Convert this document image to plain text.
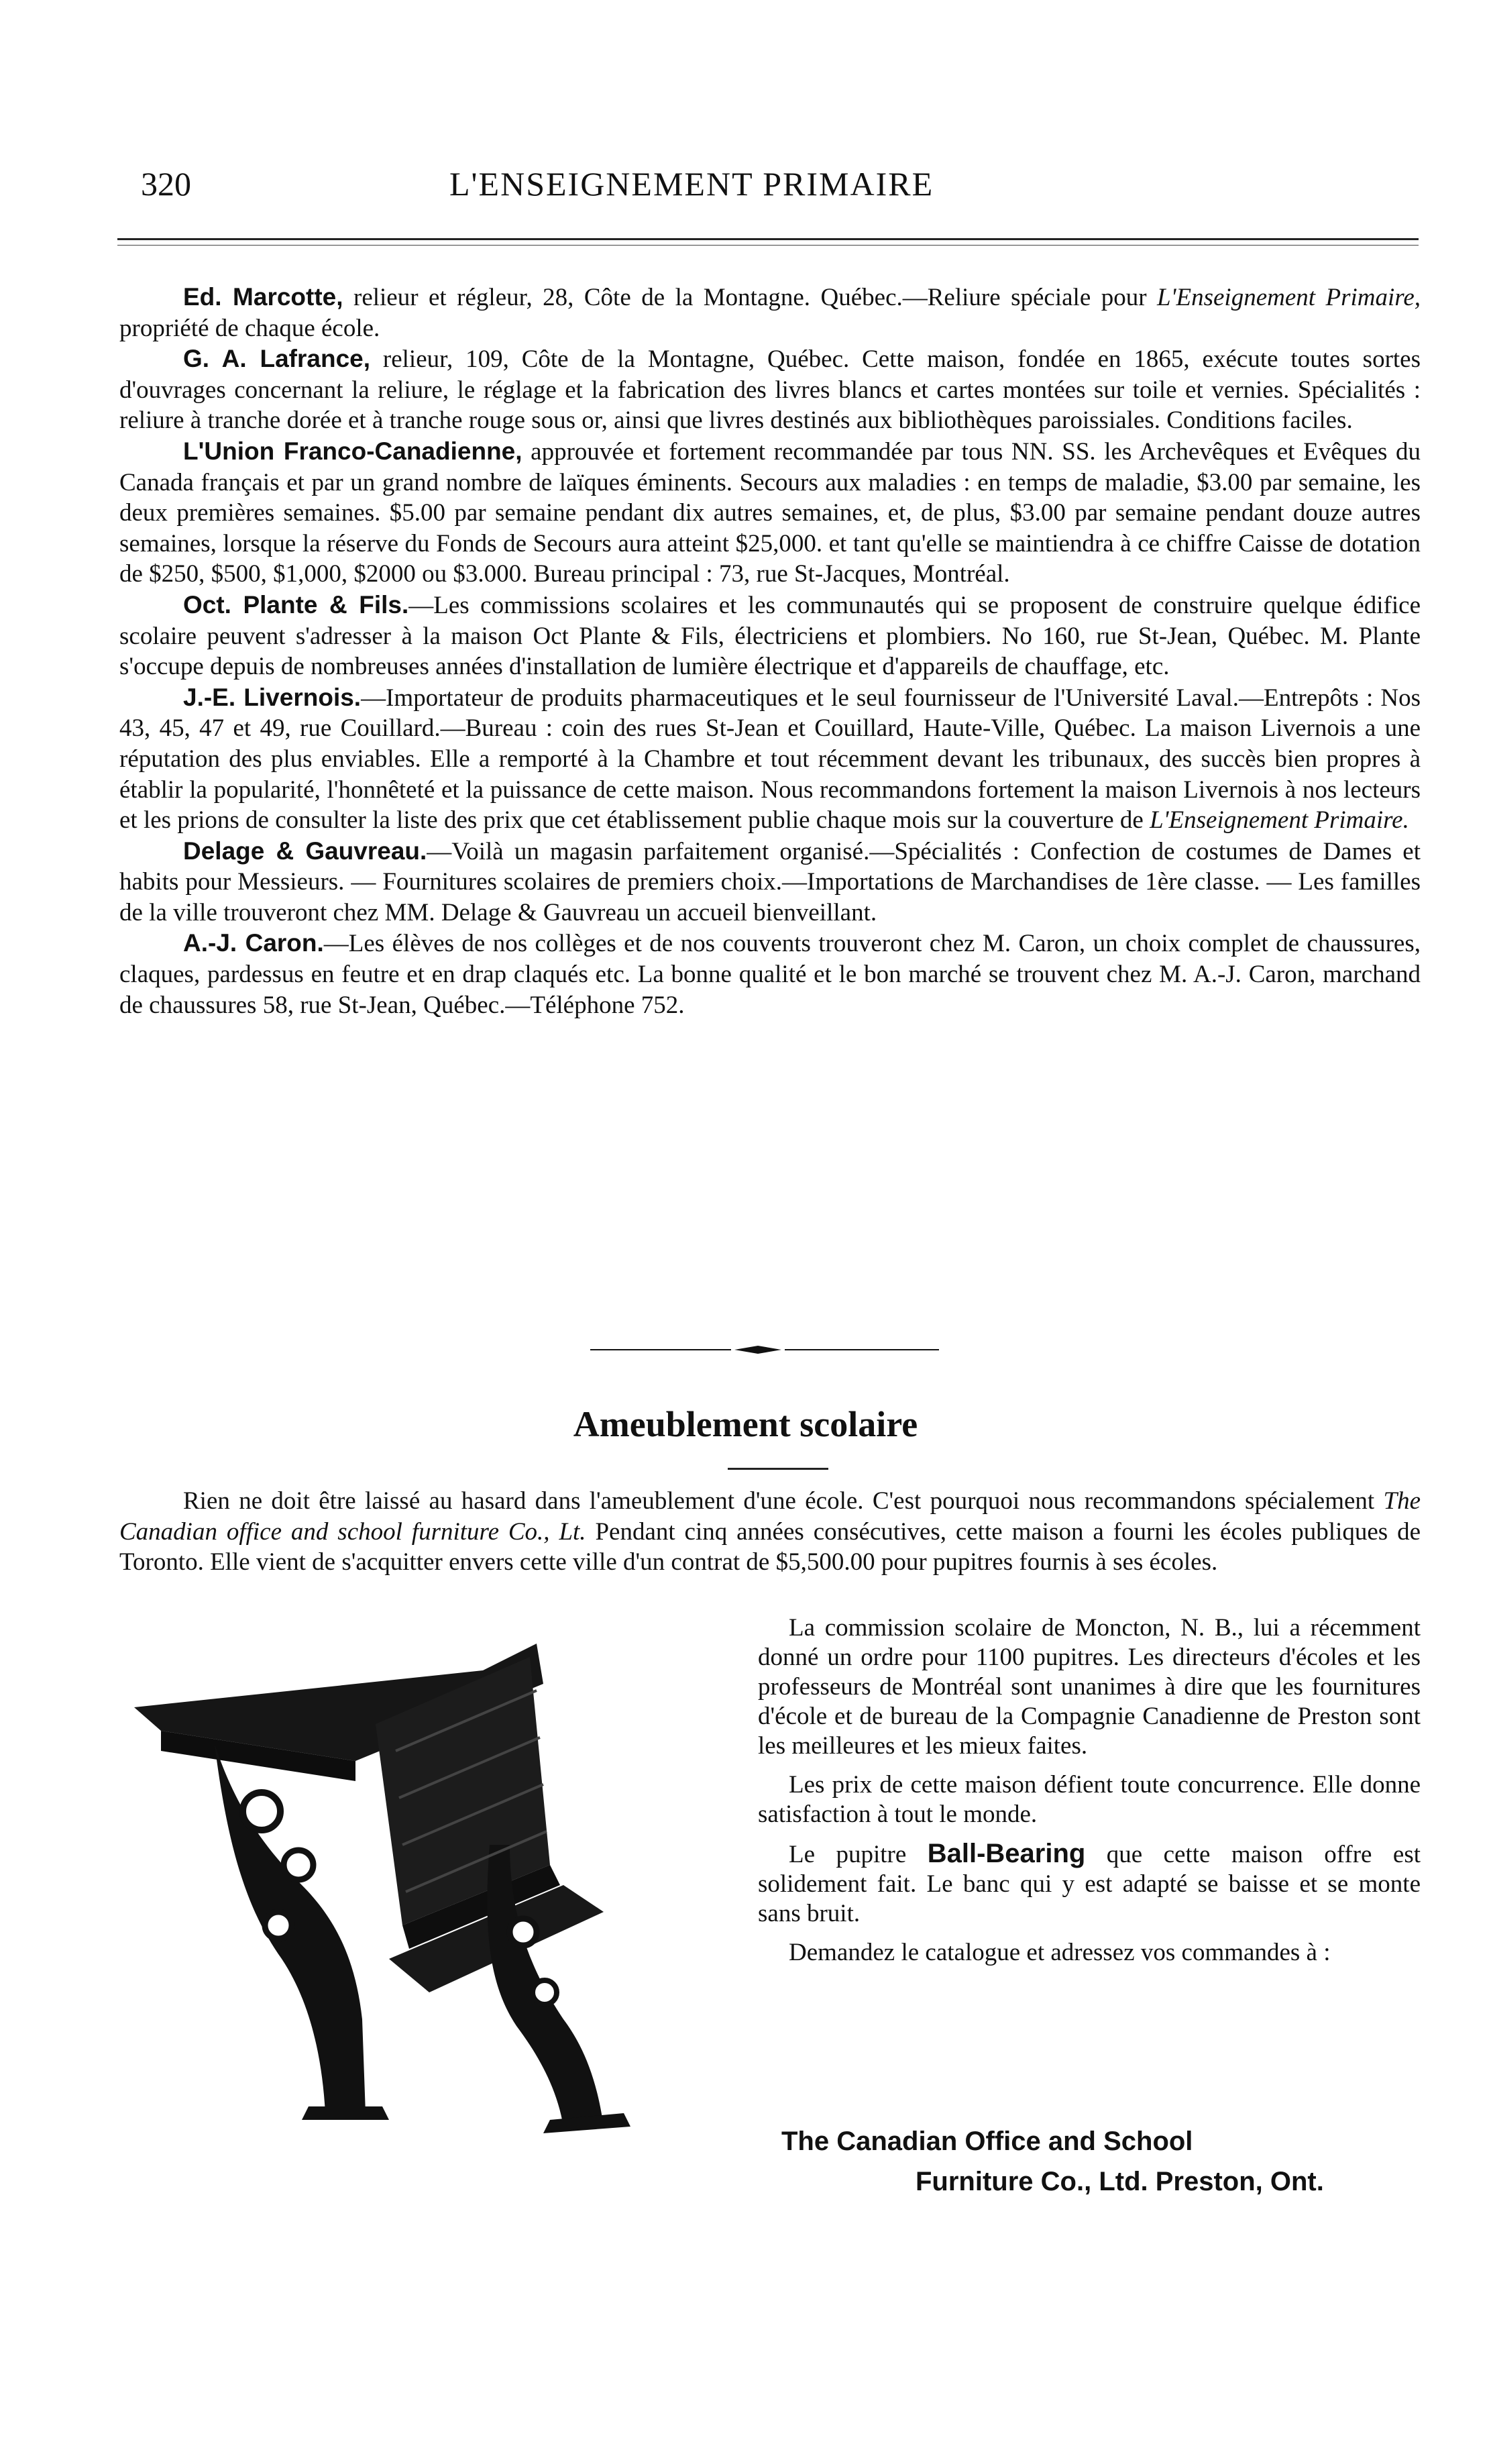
320	L'ENSEIGNEMENT PRIMAIRE

Ed. Marcotte, relieur et régleur, 28, Côte de la Montagne. Québec.—Reliure spéciale pour L'Enseignement Primaire, propriété de chaque école.

G. A. Lafrance, relieur, 109, Côte de la Montagne, Québec. Cette maison, fondée en 1865, exécute toutes sortes d'ouvrages concernant la reliure, le réglage et la fabrication des livres blancs et cartes montées sur toile et vernies. Spécialités : reliure à tranche dorée et à tranche rouge sous or, ainsi que livres destinés aux bibliothèques paroissiales. Conditions faciles.

L'Union Franco-Canadienne, approuvée et fortement recommandée par tous NN. SS. les Archevêques et Evêques du Canada français et par un grand nombre de laïques éminents. Secours aux maladies : en temps de maladie, $3.00 par semaine, les deux premières semaines. $5.00 par semaine pendant dix autres semaines, et, de plus, $3.00 par semaine pendant douze autres semaines, lorsque la réserve du Fonds de Secours aura atteint $25,000. et tant qu'elle se maintiendra à ce chiffre Caisse de dotation de $250, $500, $1,000, $2000 ou $3.000. Bureau principal : 73, rue St-Jacques, Montréal.

Oct. Plante & Fils.—Les commissions scolaires et les communautés qui se proposent de construire quelque édifice scolaire peuvent s'adresser à la maison Oct Plante & Fils, électriciens et plombiers. No 160, rue St-Jean, Québec. M. Plante s'occupe depuis de nombreuses années d'installation de lumière électrique et d'appareils de chauffage, etc.

J.-E. Livernois.—Importateur de produits pharmaceutiques et le seul fournisseur de l'Université Laval.—Entrepôts : Nos 43, 45, 47 et 49, rue Couillard.—Bureau : coin des rues St-Jean et Couillard, Haute-Ville, Québec. La maison Livernois a une réputation des plus enviables. Elle a remporté à la Chambre et tout récemment devant les tribunaux, des succès bien propres à établir la popularité, l'honnêteté et la puissance de cette maison. Nous recommandons fortement la maison Livernois à nos lecteurs et les prions de consulter la liste des prix que cet établissement publie chaque mois sur la couverture de L'Enseignement Primaire.

Delage & Gauvreau.—Voilà un magasin parfaitement organisé.—Spécialités : Confection de costumes de Dames et habits pour Messieurs. — Fournitures scolaires de premiers choix.—Importations de Marchandises de 1ère classe. — Les familles de la ville trouveront chez MM. Delage & Gauvreau un accueil bienveillant.

A.-J. Caron.—Les élèves de nos collèges et de nos couvents trouveront chez M. Caron, un choix complet de chaussures, claques, pardessus en feutre et en drap claqués etc. La bonne qualité et le bon marché se trouvent chez M. A.-J. Caron, marchand de chaussures 58, rue St-Jean, Québec.—Téléphone 752.

Ameublement scolaire

Rien ne doit être laissé au hasard dans l'ameublement d'une école. C'est pourquoi nous recommandons spécialement The Canadian office and school furniture Co., Lt. Pendant cinq années consécutives, cette maison a fourni les écoles publiques de Toronto. Elle vient de s'acquitter envers cette ville d'un contrat de $5,500.00 pour pupitres fournis à ses écoles.

La commission scolaire de Moncton, N. B., lui a récemment donné un ordre pour 1100 pupitres. Les directeurs d'écoles et les professeurs de Montréal sont unanimes à dire que les fournitures d'école et de bureau de la Compagnie Canadienne de Preston sont les meilleures et les mieux faites.

Les prix de cette maison défient toute concurrence. Elle donne satisfaction à tout le monde.

Le pupitre Ball-Bearing que cette maison offre est solidement fait. Le banc qui y est adapté se baisse et se monte sans bruit.

Demandez le catalogue et adressez vos commandes à :

The Canadian Office and School
Furniture Co., Ltd. Preston, Ont.
